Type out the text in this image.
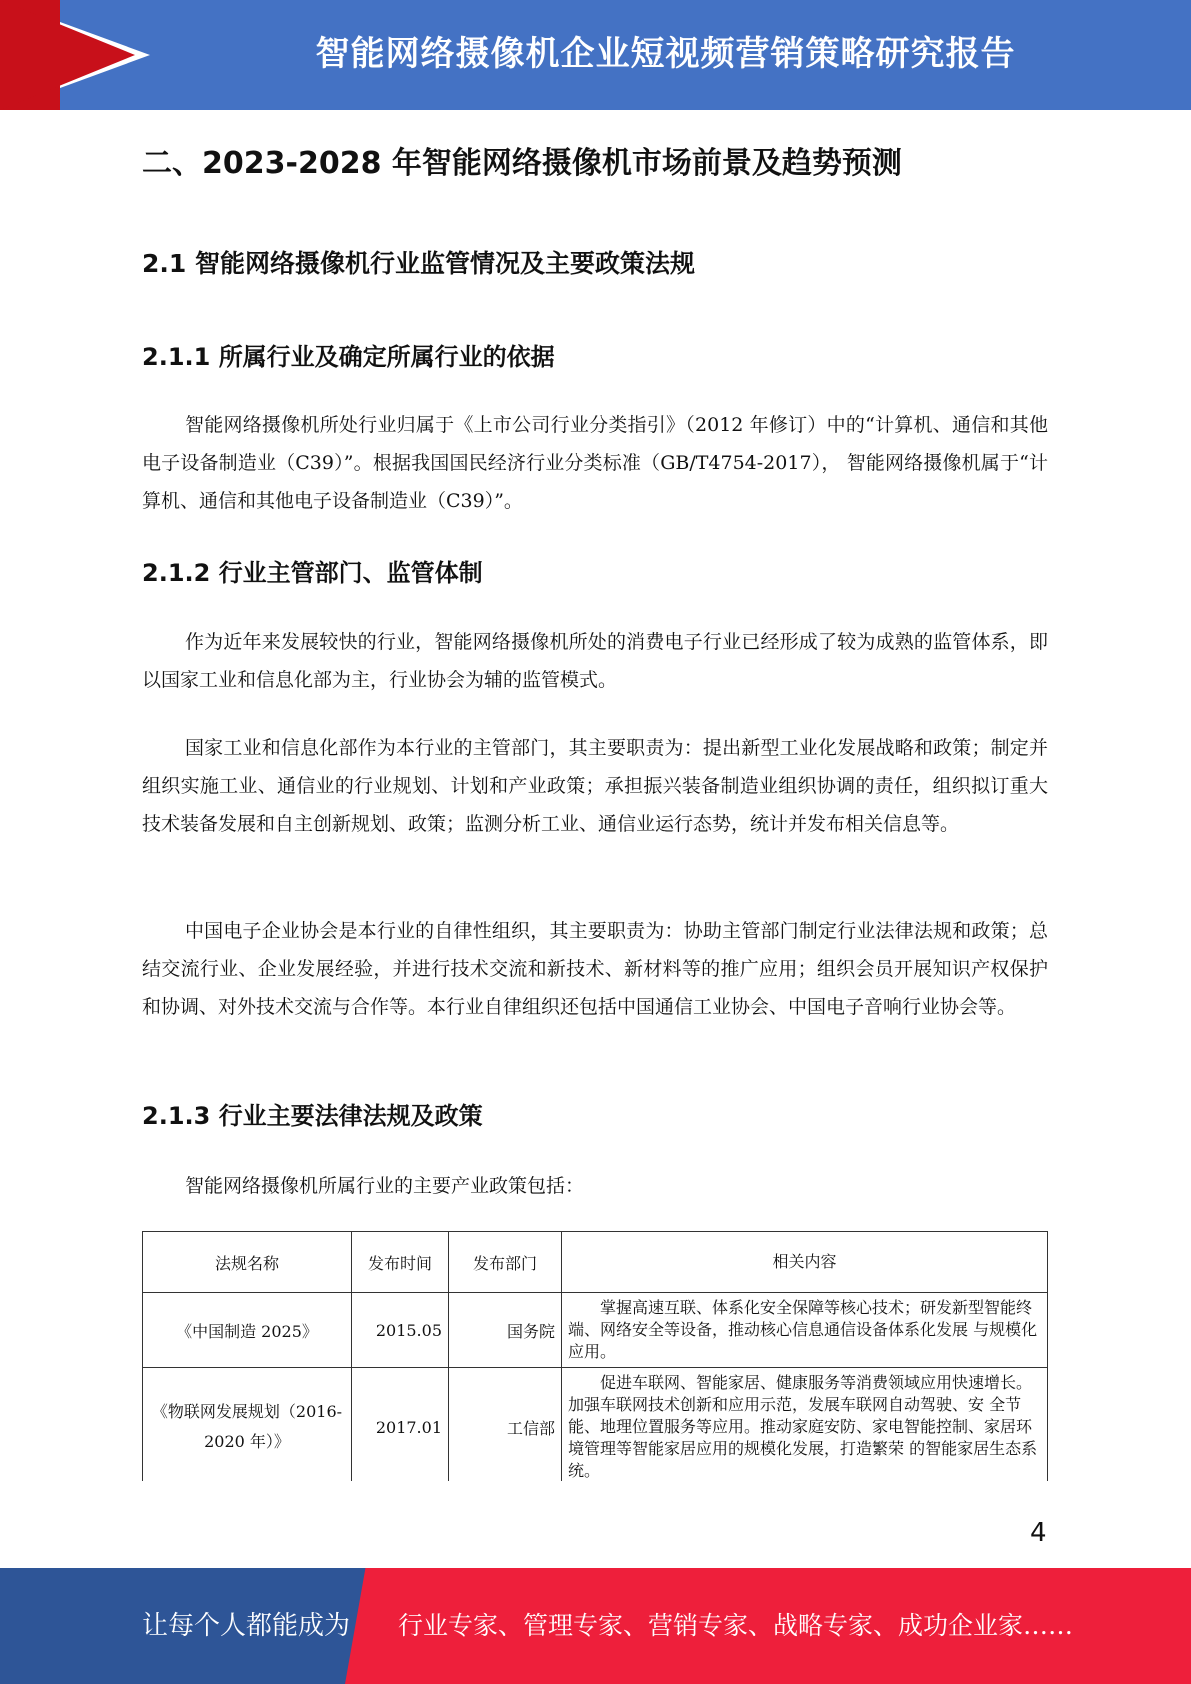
智能网络摄像机企业短视频营销策略研究报告
二、2023-2028 年智能网络摄像机市场前景及趋势预测
2.1 智能网络摄像机行业监管情况及主要政策法规
2.1.1 所属行业及确定所属行业的依据
智能网络摄像机所处行业归属于《上市公司行业分类指引》（2012 年修订）中的“计算机、通信和其他电子设备制造业（C39）”。根据我国国民经济行业分类标准（GB/T4754-2017）， 智能网络摄像机属于“计算机、通信和其他电子设备制造业（C39）”。
2.1.2 行业主管部门、监管体制
作为近年来发展较快的行业，智能网络摄像机所处的消费电子行业已经形成了较为成熟的监管体系，即以国家工业和信息化部为主，行业协会为辅的监管模式。
国家工业和信息化部作为本行业的主管部门，其主要职责为：提出新型工业化发展战略和政策；制定并组织实施工业、通信业的行业规划、计划和产业政策；承担振兴装备制造业组织协调的责任，组织拟订重大技术装备发展和自主创新规划、政策；监测分析工业、通信业运行态势，统计并发布相关信息等。
中国电子企业协会是本行业的自律性组织，其主要职责为：协助主管部门制定行业法律法规和政策；总结交流行业、企业发展经验，并进行技术交流和新技术、新材料等的推广应用；组织会员开展知识产权保护和协调、对外技术交流与合作等。本行业自律组织还包括中国通信工业协会、中国电子音响行业协会等。
2.1.3 行业主要法律法规及政策
智能网络摄像机所属行业的主要产业政策包括：
法规名称	发布时间	发布部门	相关内容
《中国制造 2025》	2015.05	国务院	掌握高速互联、体系化安全保障等核心技术；研发新型智能终端、网络安全等设备，推动核心信息通信设备体系化发展 与规模化应用。
《物联网发展规划（2016-2020 年）》	2017.01	工信部	促进车联网、智能家居、健康服务等消费领域应用快速增长。 加强车联网技术创新和应用示范，发展车联网自动驾驶、安 全节能、地理位置服务等应用。推动家庭安防、家电智能控制、家居环境管理等智能家居应用的规模化发展，打造繁荣 的智能家居生态系统。
4
让每个人都能成为 行业专家、管理专家、营销专家、战略专家、成功企业家……
